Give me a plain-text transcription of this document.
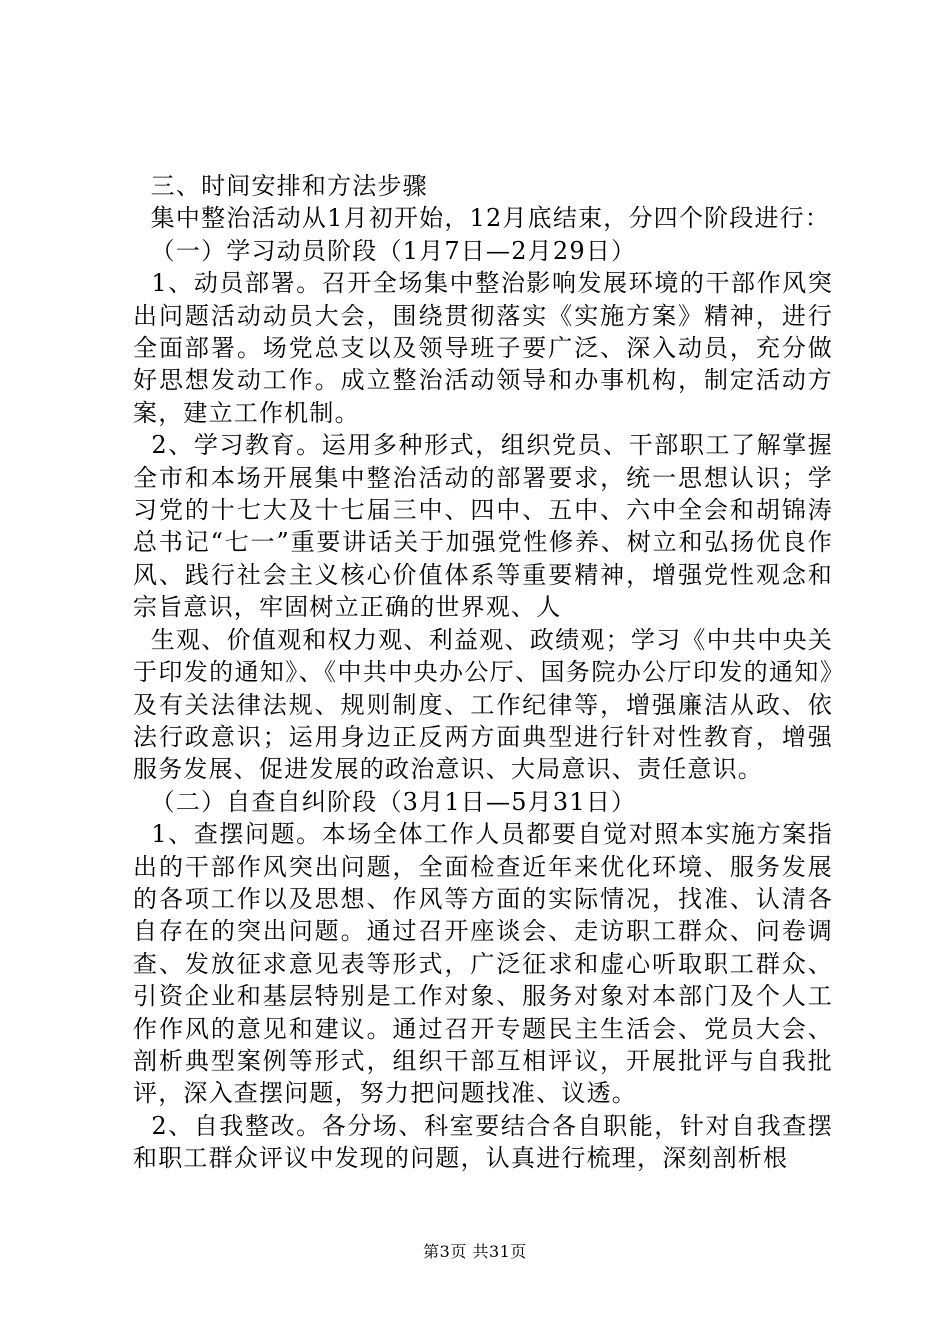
三、时间安排和方法步骤

集中整治活动从1月初开始，12月底结束，分四个阶段进行：

（一）学习动员阶段（1月7日—2月29日）

1、动员部署。召开全场集中整治影响发展环境的干部作风突出问题活动动员大会，围绕贯彻落实《实施方案》精神，进行全面部署。场党总支以及领导班子要广泛、深入动员，充分做好思想发动工作。成立整治活动领导和办事机构，制定活动方案，建立工作机制。

2、学习教育。运用多种形式，组织党员、干部职工了解掌握全市和本场开展集中整治活动的部署要求，统一思想认识；学习党的十七大及十七届三中、四中、五中、六中全会和胡锦涛总书记“七一”重要讲话关于加强党性修养、树立和弘扬优良作风、践行社会主义核心价值体系等重要精神，增强党性观念和宗旨意识，牢固树立正确的世界观、人

生观、价值观和权力观、利益观、政绩观；学习《中共中央关于印发的通知》、《中共中央办公厅、国务院办公厅印发的通知》及有关法律法规、规则制度、工作纪律等，增强廉洁从政、依法行政意识；运用身边正反两方面典型进行针对性教育，增强服务发展、促进发展的政治意识、大局意识、责任意识。

（二）自查自纠阶段（3月1日—5月31日）

1、查摆问题。本场全体工作人员都要自觉对照本实施方案指出的干部作风突出问题，全面检查近年来优化环境、服务发展的各项工作以及思想、作风等方面的实际情况，找准、认清各自存在的突出问题。通过召开座谈会、走访职工群众、问卷调查、发放征求意见表等形式，广泛征求和虚心听取职工群众、引资企业和基层特别是工作对象、服务对象对本部门及个人工作作风的意见和建议。通过召开专题民主生活会、党员大会、剖析典型案例等形式，组织干部互相评议，开展批评与自我批评，深入查摆问题，努力把问题找准、议透。

2、自我整改。各分场、科室要结合各自职能，针对自我查摆和职工群众评议中发现的问题，认真进行梳理，深刻剖析根

第3页 共31页
